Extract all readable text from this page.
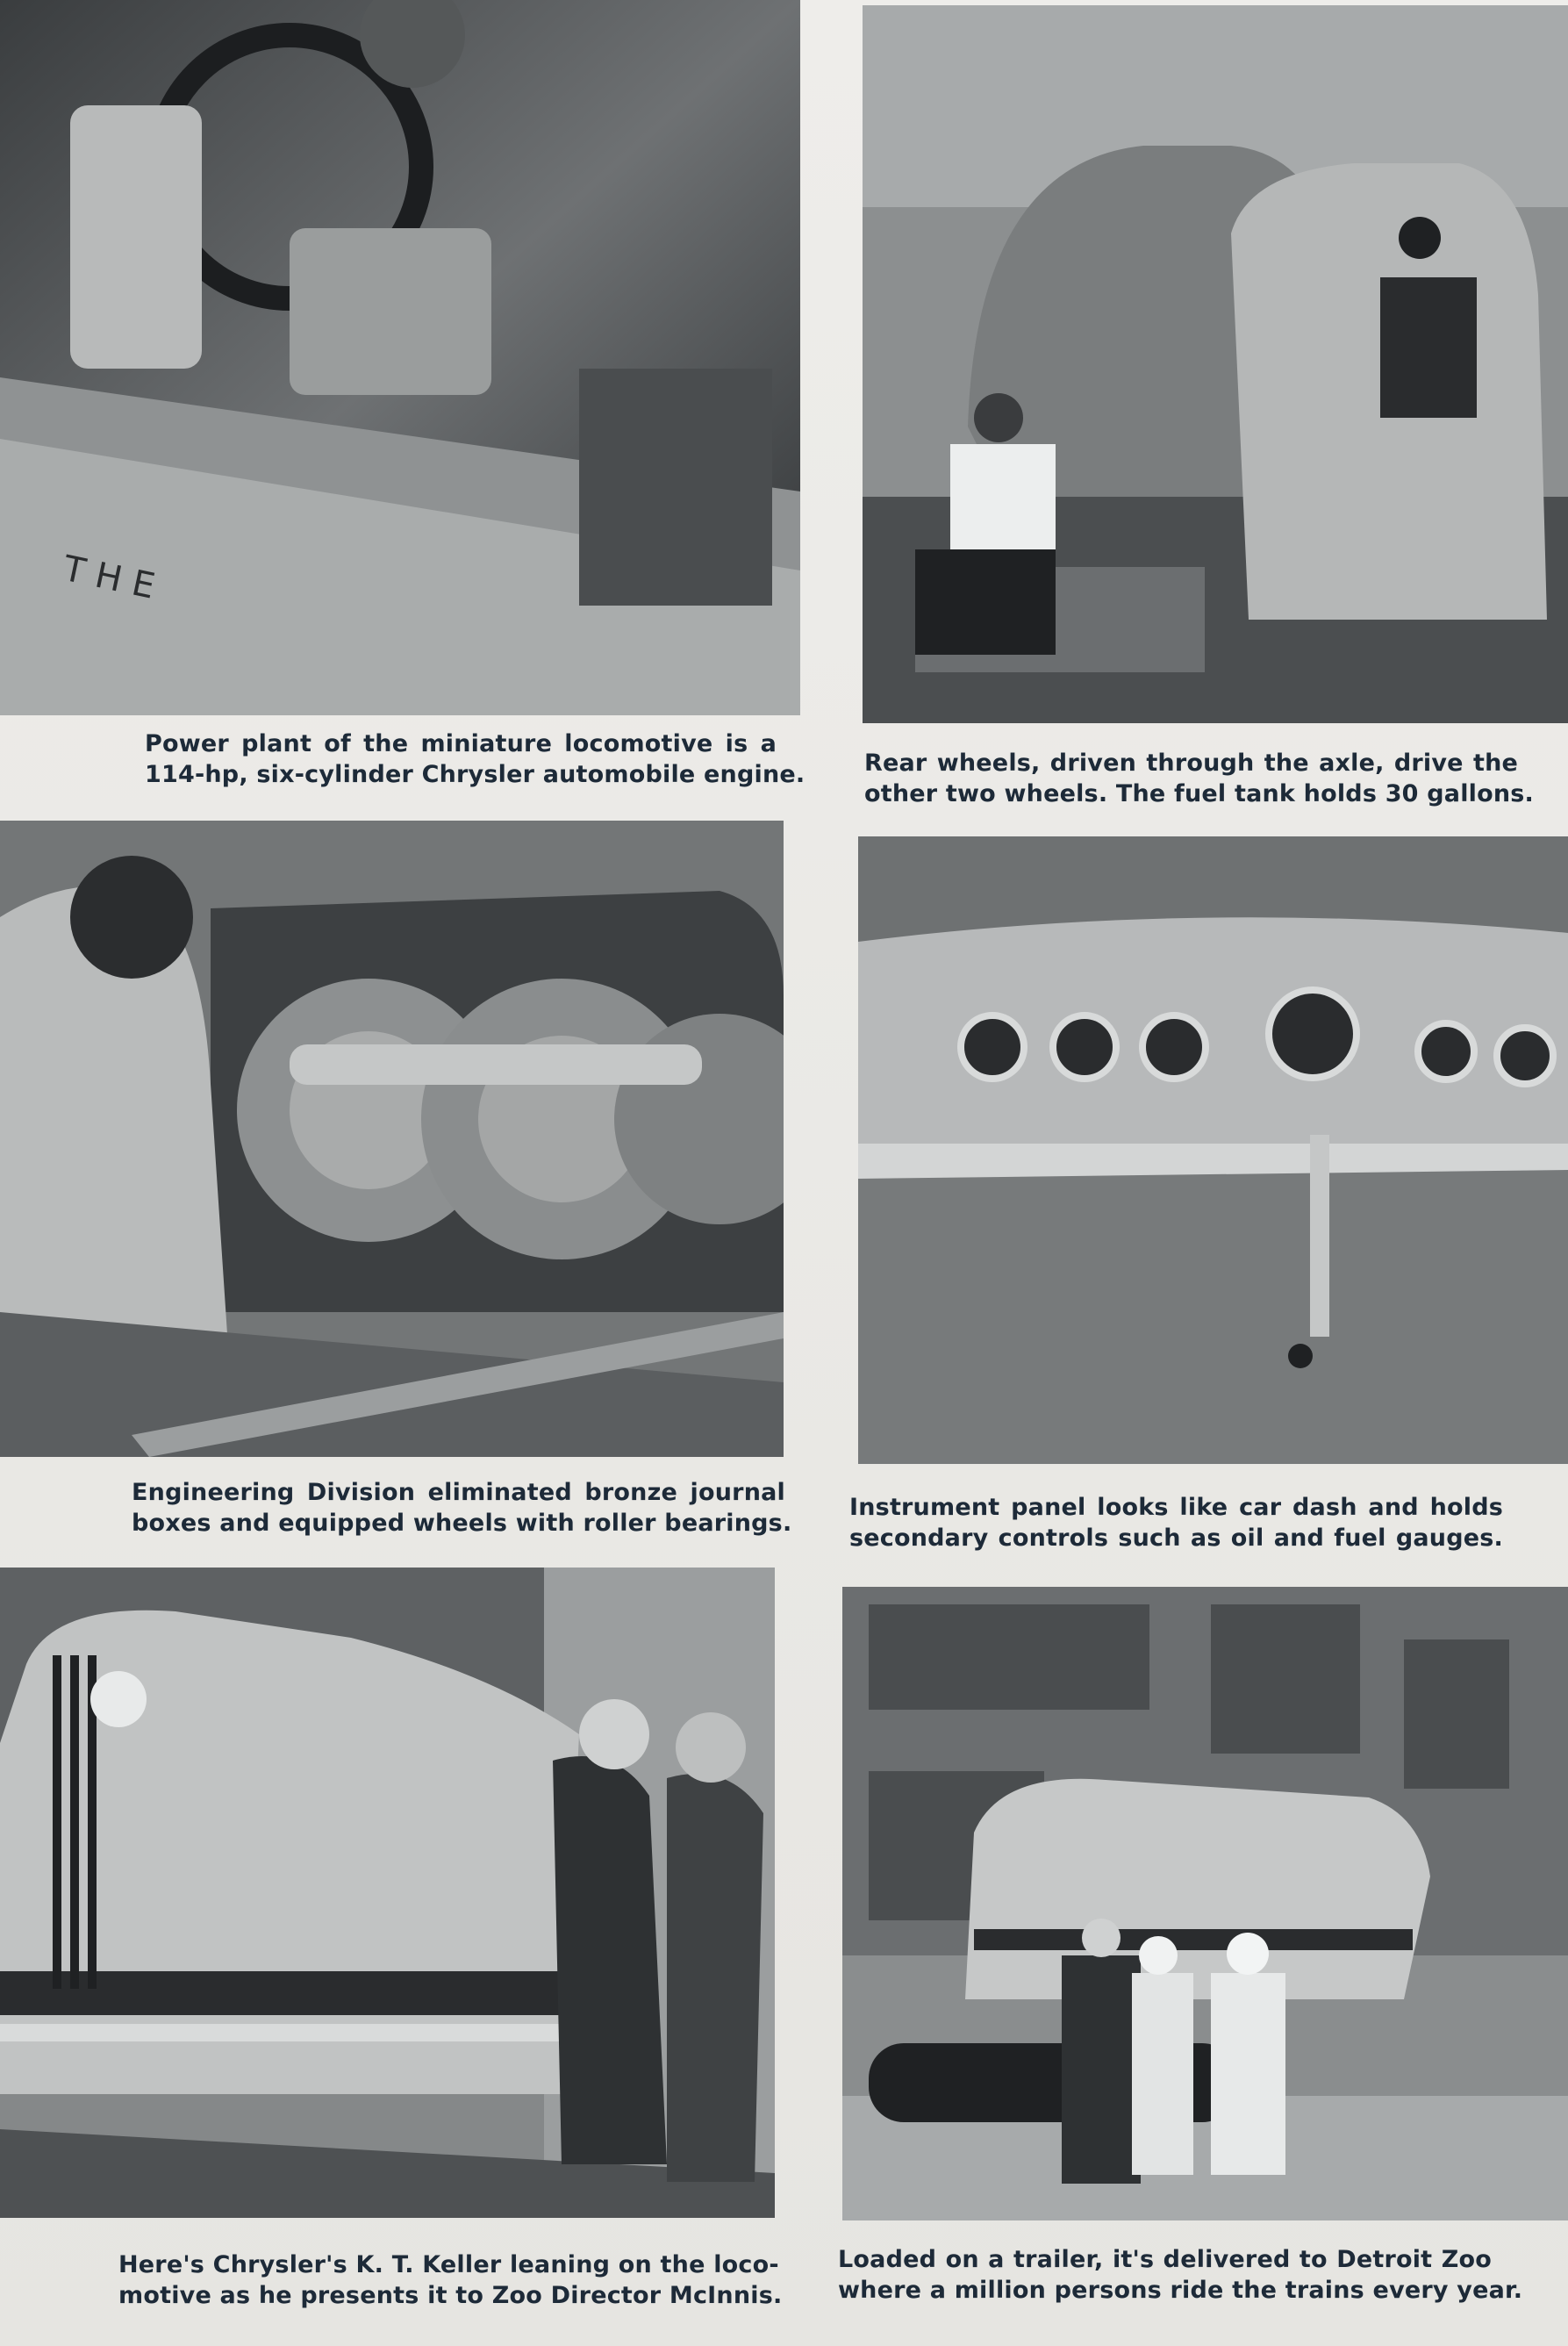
T H E
Power plant of the miniature locomotive is a
114-hp, six-cylinder Chrysler automobile engine.	Rear wheels, driven through the axle, drive the
other two wheels. The fuel tank holds 30 gallons.
Engineering Division eliminated bronze journal
boxes and equipped wheels with roller bearings.
Instrument panel looks like car dash and holds
secondary controls such as oil and fuel gauges.
Here's Chrysler's K. T. Keller leaning on the loco-
motive as he presents it to Zoo Director McInnis.
Loaded on a trailer, it's delivered to Detroit Zoo
where a million persons ride the trains every year.
